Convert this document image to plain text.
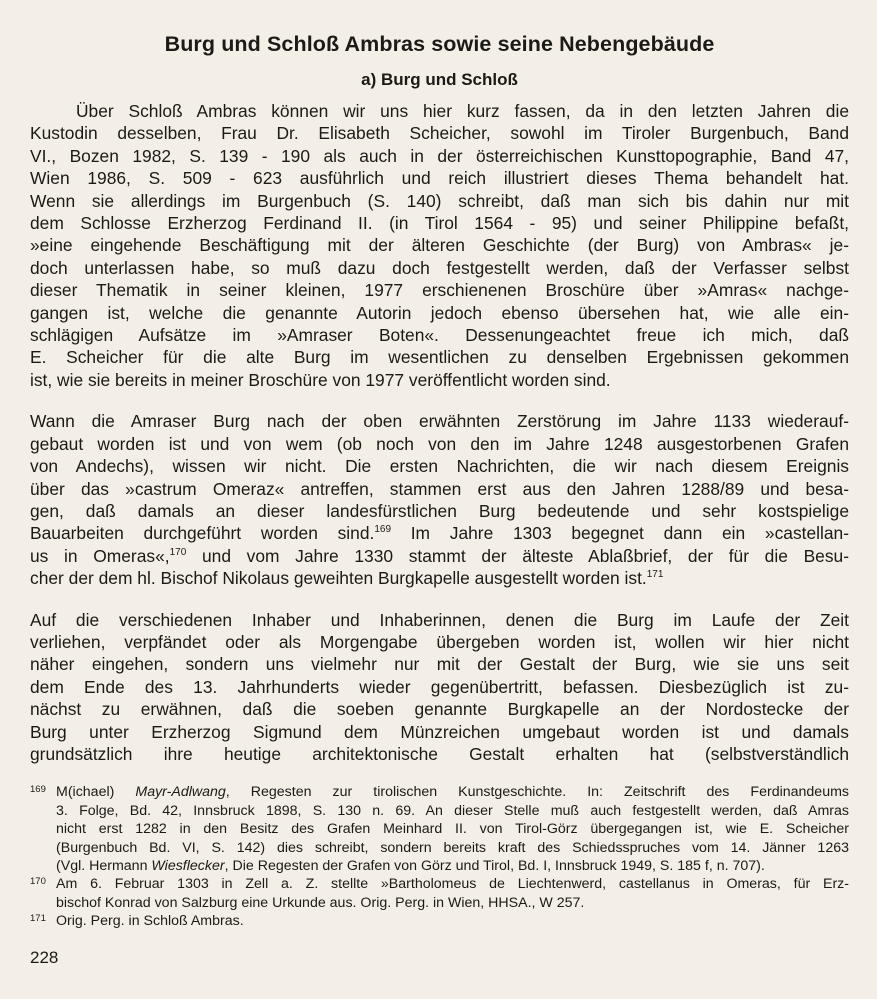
Burg und Schloß Ambras sowie seine Nebengebäude
a) Burg und Schloß

Über Schloß Ambras können wir uns hier kurz fassen, da in den letzten Jahren die
Kustodin desselben, Frau Dr. Elisabeth Scheicher, sowohl im Tiroler Burgenbuch, Band
VI., Bozen 1982, S. 139 - 190 als auch in der österreichischen Kunsttopographie, Band 47,
Wien 1986, S. 509 - 623 ausführlich und reich illustriert dieses Thema behandelt hat.
Wenn sie allerdings im Burgenbuch (S. 140) schreibt, daß man sich bis dahin nur mit
dem Schlosse Erzherzog Ferdinand II. (in Tirol 1564 - 95) und seiner Philippine befaßt,
»eine eingehende Beschäftigung mit der älteren Geschichte (der Burg) von Ambras« je-
doch unterlassen habe, so muß dazu doch festgestellt werden, daß der Verfasser selbst
dieser Thematik in seiner kleinen, 1977 erschienenen Broschüre über »Amras« nachge-
gangen ist, welche die genannte Autorin jedoch ebenso übersehen hat, wie alle ein-
schlägigen Aufsätze im »Amraser Boten«. Dessenungeachtet freue ich mich, daß
E. Scheicher für die alte Burg im wesentlichen zu denselben Ergebnissen gekommen
ist, wie sie bereits in meiner Broschüre von 1977 veröffentlicht worden sind.

Wann die Amraser Burg nach der oben erwähnten Zerstörung im Jahre 1133 wiederauf-
gebaut worden ist und von wem (ob noch von den im Jahre 1248 ausgestorbenen Grafen
von Andechs), wissen wir nicht. Die ersten Nachrichten, die wir nach diesem Ereignis
über das »castrum Omeraz« antreffen, stammen erst aus den Jahren 1288/89 und besa-
gen, daß damals an dieser landesfürstlichen Burg bedeutende und sehr kostspielige
Bauarbeiten durchgeführt worden sind.$^{169}$ Im Jahre 1303 begegnet dann ein »castellan-
us in Omeras«,$^{170}$ und vom Jahre 1330 stammt der älteste Ablaßbrief, der für die Besu-
cher der dem hl. Bischof Nikolaus geweihten Burgkapelle ausgestellt worden ist.$^{171}$

Auf die verschiedenen Inhaber und Inhaberinnen, denen die Burg im Laufe der Zeit
verliehen, verpfändet oder als Morgengabe übergeben worden ist, wollen wir hier nicht
näher eingehen, sondern uns vielmehr nur mit der Gestalt der Burg, wie sie uns seit
dem Ende des 13. Jahrhunderts wieder gegenübertritt, befassen. Diesbezüglich ist zu-
nächst zu erwähnen, daß die soeben genannte Burgkapelle an der Nordostecke der
Burg unter Erzherzog Sigmund dem Münzreichen umgebaut worden ist und damals
grundsätzlich ihre heutige architektonische Gestalt erhalten hat (selbstverständlich

169 M(ichael) Mayr-Adlwang, Regesten zur tirolischen Kunstgeschichte. In: Zeitschrift des Ferdinandeums
3. Folge, Bd. 42, Innsbruck 1898, S. 130 n. 69. An dieser Stelle muß auch festgestellt werden, daß Amras
nicht erst 1282 in den Besitz des Grafen Meinhard II. von Tirol-Görz übergegangen ist, wie E. Scheicher
(Burgenbuch Bd. VI, S. 142) dies schreibt, sondern bereits kraft des Schiedsspruches vom 14. Jänner 1263
(Vgl. Hermann Wiesflecker, Die Regesten der Grafen von Görz und Tirol, Bd. I, Innsbruck 1949, S. 185 f, n. 707).
170 Am 6. Februar 1303 in Zell a. Z. stellte »Bartholomeus de Liechtenwerd, castellanus in Omeras, für Erz-
bischof Konrad von Salzburg eine Urkunde aus. Orig. Perg. in Wien, HHSA., W 257.
171 Orig. Perg. in Schloß Ambras.
228
